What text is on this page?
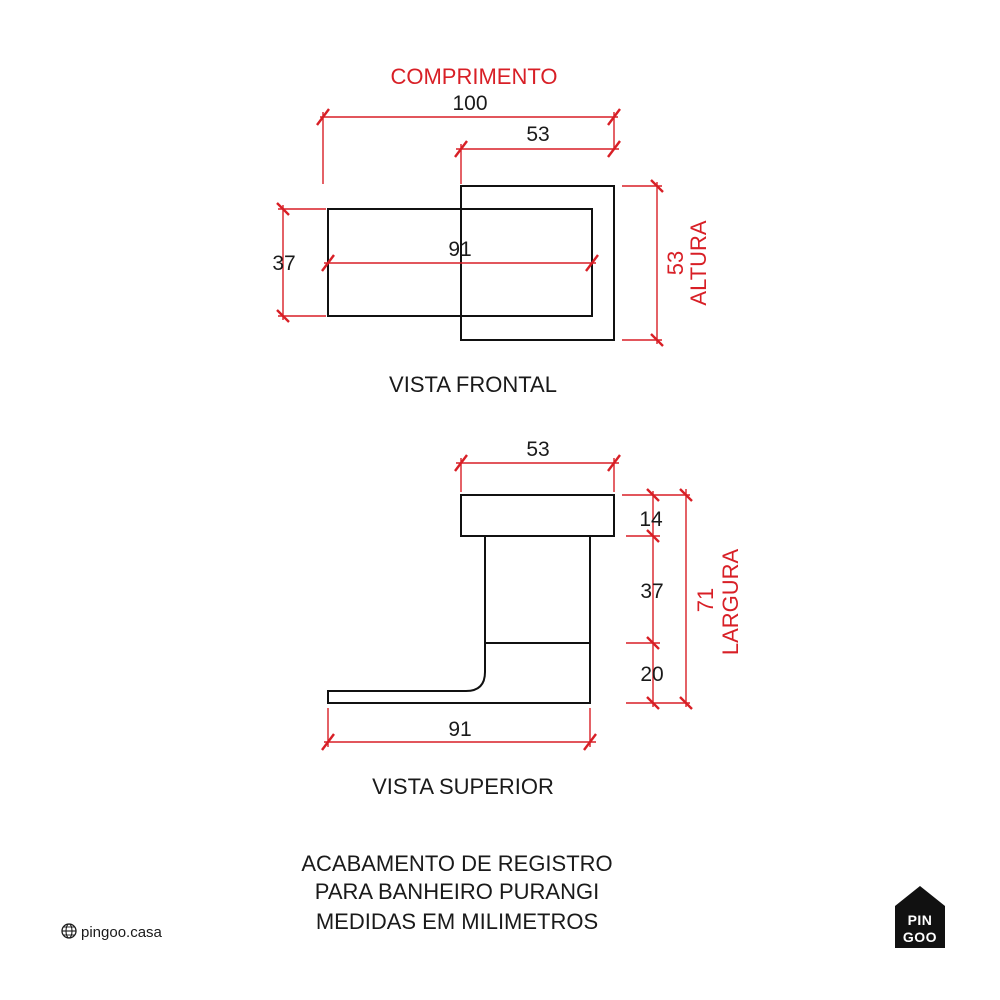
COMPRIMENTO
100
53
37
91
53
ALTURA
VISTA FRONTAL
53
14
37
20
71 LARGURA
91
VISTA SUPERIOR
ACABAMENTO DE REGISTRO
PARA BANHEIRO PURANGI
MEDIDAS EM MILIMETROS
pingoo.casa
PIN
GOO
